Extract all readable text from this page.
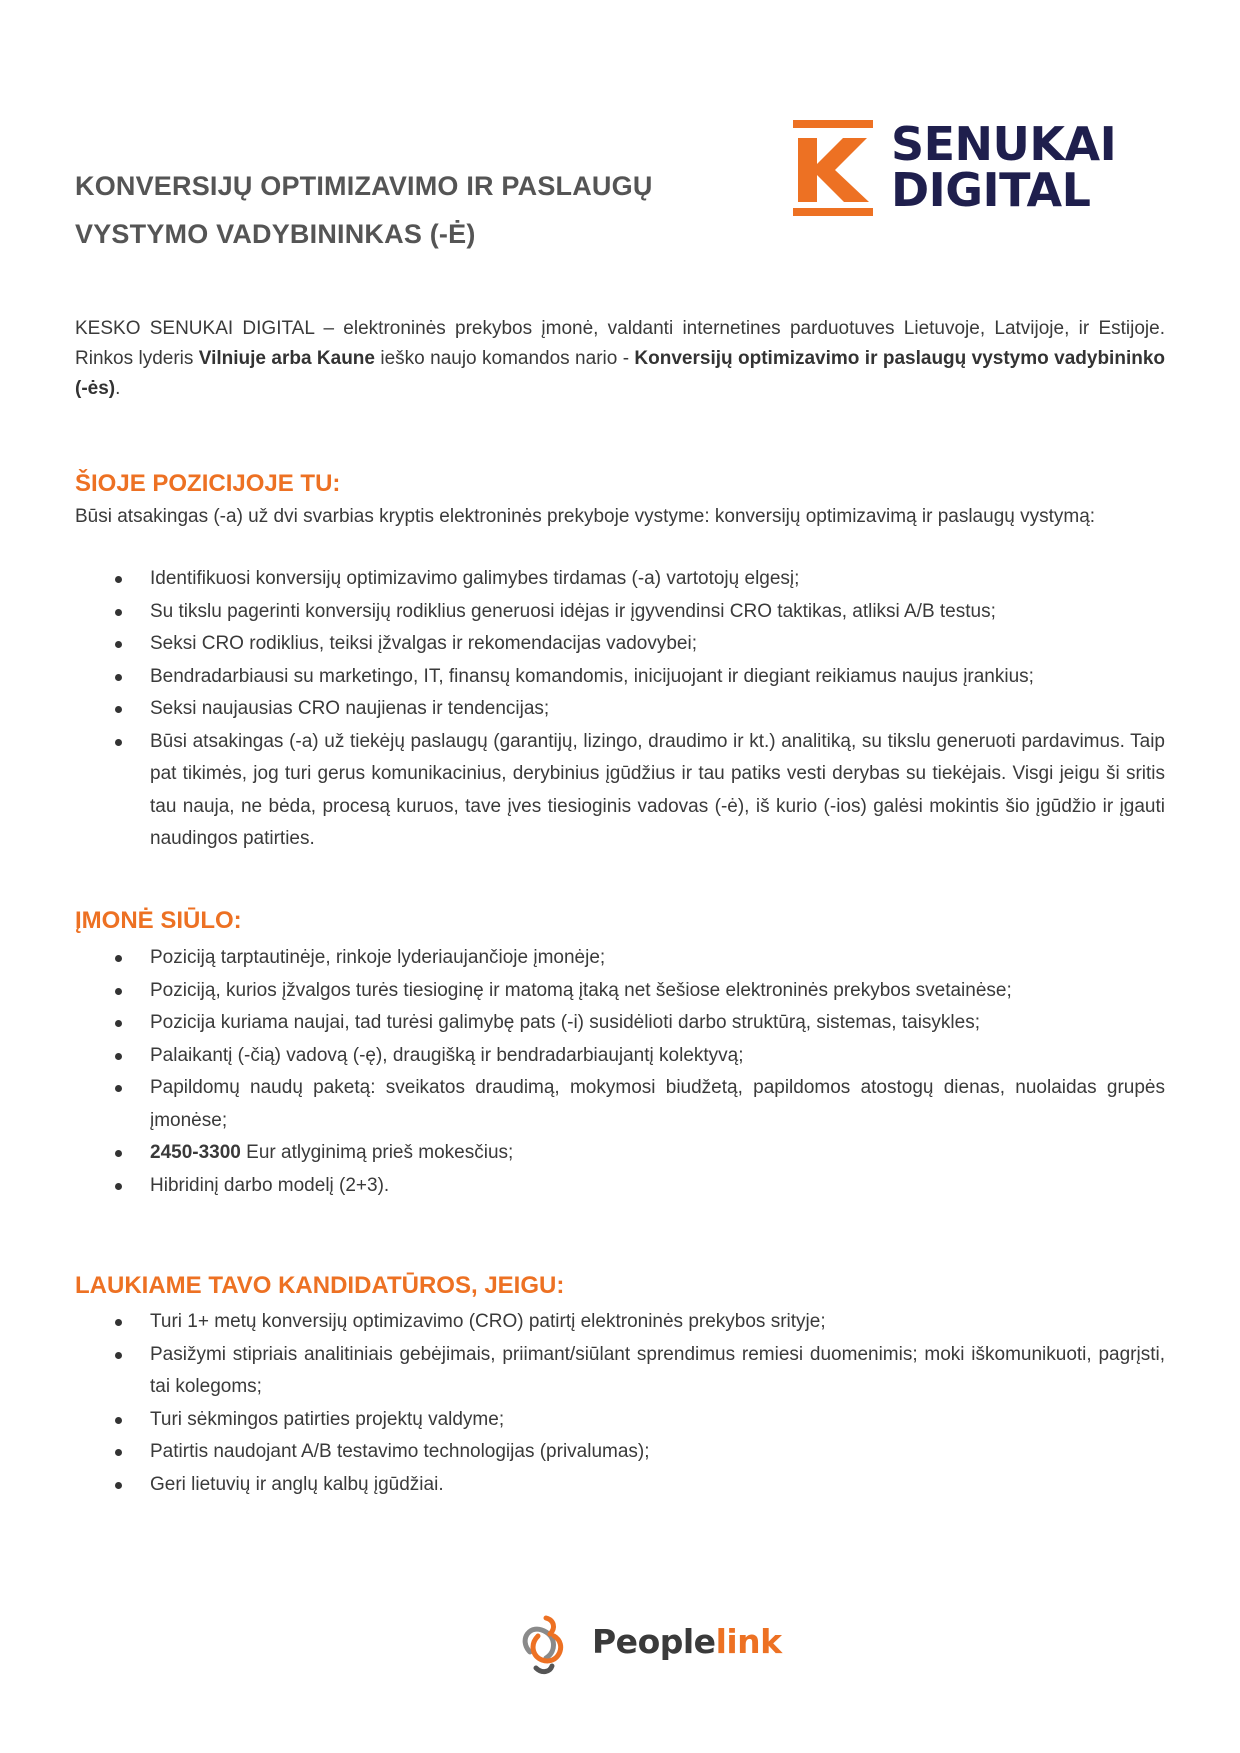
KONVERSIJŲ OPTIMIZAVIMO IR PASLAUGŲ
VYSTYMO VADYBININKAS (-Ė)
SENUKAI
DIGITAL

KESKO SENUKAI DIGITAL – elektroninės prekybos įmonė, valdanti internetines parduotuves Lietuvoje, Latvijoje, ir Estijoje. Rinkos lyderis Vilniuje arba Kaune ieško naujo komandos nario - Konversijų optimizavimo ir paslaugų vystymo vadybininko (-ės).

ŠIOJE POZICIJOJE TU:

Būsi atsakingas (-a) už dvi svarbias kryptis elektroninės prekybоje vystyme: konversijų optimizavimą ir paslaugų vystymą:

Identifikuosi konversijų optimizavimo galimybes tirdamas (-a) vartotojų elgesį;
Su tikslu pagerinti konversijų rodiklius generuosi idėjas ir įgyvendinsi CRO taktikas, atliksi A/B testus;
Seksi CRO rodiklius, teiksi įžvalgas ir rekomendacijas vadovybei;
Bendradarbiausi su marketingo, IT, finansų komandomis, inicijuojant ir diegiant reikiamus naujus įrankius;
Seksi naujausias CRO naujienas ir tendencijas;
Būsi atsakingas (-a) už tiekėjų paslaugų (garantijų, lizingo, draudimo ir kt.) analitiką, su tikslu generuoti pardavimus. Taip pat tikimės, jog turi gerus komunikacinius, derybinius įgūdžius ir tau patiks vesti derybas su tiekėjais. Visgi jeigu ši sritis tau nauja, ne bėda, procesą kuruos, tave įves tiesioginis vadovas (-ė), iš kurio (-ios) galėsi mokintis šio įgūdžio ir įgauti naudingos patirties.
ĮMONĖ SIŪLO:
Poziciją tarptautinėje, rinkoje lyderiaujančioje įmonėje;
Poziciją, kurios įžvalgos turės tiesioginę ir matomą įtaką net šešiose elektroninės prekybos svetainėse;
Pozicija kuriama naujai, tad turėsi galimybę pats (-i) susidėlioti darbo struktūrą, sistemas, taisykles;
Palaikantį (-čią) vadovą (-ę), draugišką ir bendradarbiaujantį kolektyvą;
Papildomų naudų paketą: sveikatos draudimą, mokymosi biudžetą, papildomos atostogų dienas, nuolaidas grupės įmonėse;
2450-3300 Eur atlyginimą prieš mokesčius;
Hibridinį darbo modelį (2+3).
LAUKIAME TAVO KANDIDATŪROS, JEIGU:
Turi 1+ metų konversijų optimizavimo (CRO) patirtį elektroninės prekybos srityje;
Pasižymi stipriais analitiniais gebėjimais, priimant/siūlant sprendimus remiesi duomenimis; moki iškomunikuoti, pagrįsti, tai kolegoms;
Turi sėkmingos patirties projektų valdyme;
Patirtis naudojant A/B testavimo technologijas (privalumas);
Geri lietuvių ir anglų kalbų įgūdžiai.
Peoplelink
